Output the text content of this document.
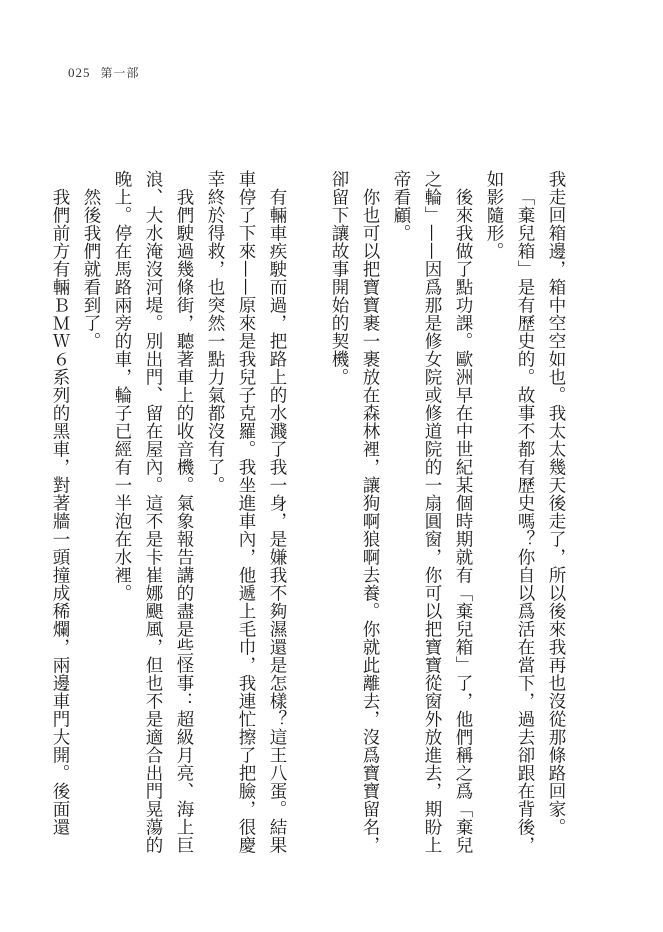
025 第一部

我走回箱邊，箱中空空如也。我太太幾天後走了，所以後來我再也沒從那條路回家。

「棄兒箱」是有歷史的。故事不都有歷史嗎？你自以爲活在當下，過去卻跟在背後，如影隨形。

後來我做了點功課。歐洲早在中世紀某個時期就有「棄兒箱」了，他們稱之爲「棄兒之輪」——因爲那是修女院或修道院的一扇圓窗，你可以把寶寶從窗外放進去，期盼上帝看顧。

你也可以把寶寶裹一裹放在森林裡，讓狗啊狼啊去養。你就此離去，沒爲寶寶留名，卻留下讓故事開始的契機。

有輛車疾駛而過，把路上的水濺了我一身，是嫌我不夠濕還是怎樣？這王八蛋。結果車停了下來——原來是我兒子克羅。我坐進車內，他遞上毛巾，我連忙擦了把臉，很慶幸終於得救，也突然一點力氣都沒有了。

我們駛過幾條街，聽著車上的收音機。氣象報告講的盡是些怪事：超級月亮、海上巨浪、大水淹沒河堤。別出門、留在屋內。這不是卡崔娜颶風，但也不是適合出門晃蕩的晚上。停在馬路兩旁的車，輪子已經有一半泡在水裡。

然後我們就看到了。

我們前方有輛ＢＭＷ６系列的黑車，對著牆一頭撞成稀爛，兩邊車門大開。後面還
